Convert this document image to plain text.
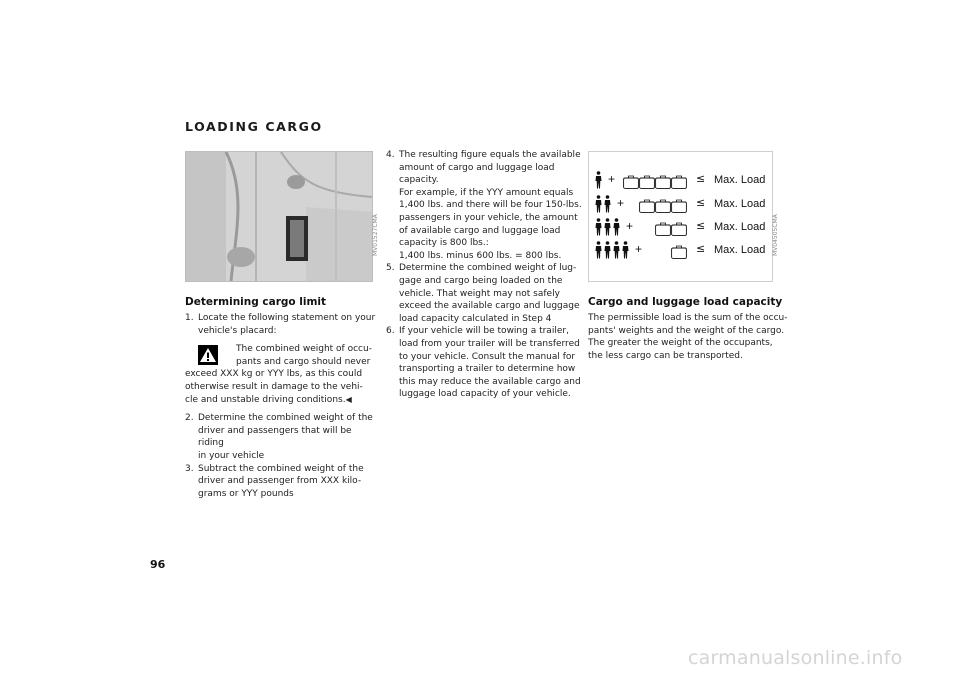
LOADING CARGO
MV01527CMA
Determining cargo limit
1. Locate the following statement on your
vehicle's placard:
The combined weight of occu-
pants and cargo should never
exceed XXX kg or YYY lbs, as this could
otherwise result in damage to the vehi-
cle and unstable driving conditions.◀
2. Determine the combined weight of the
driver and passengers that will be riding
in your vehicle
3. Subtract the combined weight of the
driver and passenger from XXX kilo-
grams or YYY pounds
4. The resulting figure equals the available
amount of cargo and luggage load
capacity.
For example, if the YYY amount equals
1,400 lbs. and there will be four 150-lbs.
passengers in your vehicle, the amount
of available cargo and luggage load
capacity is 800 lbs.:
1,400 lbs. minus 600 lbs. = 800 lbs.
5. Determine the combined weight of lug-
gage and cargo being loaded on the
vehicle. That weight may not safely
exceed the available cargo and luggage
load capacity calculated in Step 4
6. If your vehicle will be towing a trailer,
load from your trailer will be transferred
to your vehicle. Consult the manual for
transporting a trailer to determine how
this may reduce the available cargo and
luggage load capacity of your vehicle.
+	≤ Max. Load
+	≤ Max. Load
+	≤ Max. Load
+	≤ Max. Load MV04505CMA
Cargo and luggage load capacity
The permissible load is the sum of the occu-
pants' weights and the weight of the cargo.
The greater the weight of the occupants,
the less cargo can be transported.
96
carmanualsonline.info
